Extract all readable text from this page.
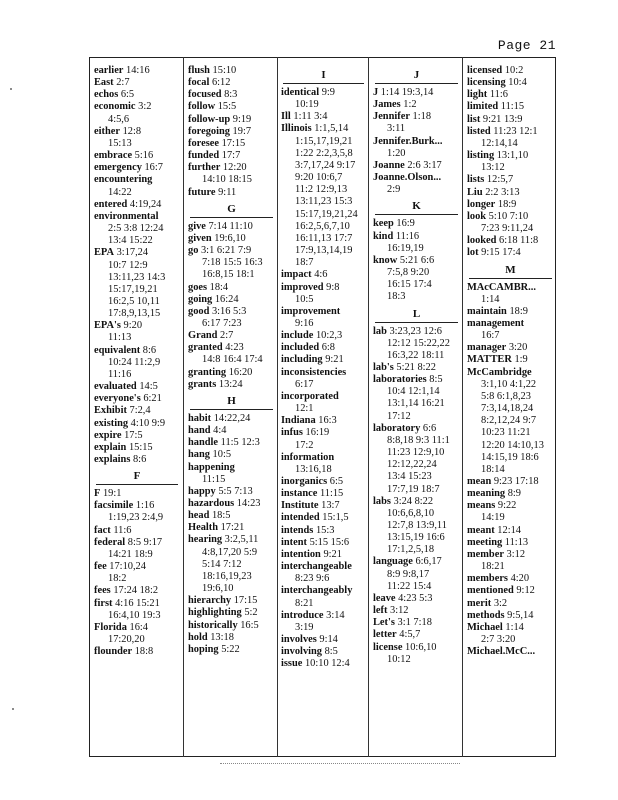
Page 21
earlier 14:16
East 2:7
echos 6:5
economic 3:2
4:5,6
either 12:8
15:13
embrace 5:16
emergency 16:7
encountering
14:22
entered 4:19,24
environmental
2:5 3:8 12:24
13:4 15:22
EPA 3:17,24
10:7 12:9
13:11,23 14:3
15:17,19,21
16:2,5 10,11
17:8,9,13,15
EPA's 9:20
11:13
equivalent 8:6
10:24 11:2,9
11:16
evaluated 14:5
everyone's 6:21
Exhibit 7:2,4
existing 4:10 9:9
expire 17:5
explain 15:15
explains 8:6
F
F 19:1
facsimile 1:16
1:19,23 2:4,9
fact 11:6
federal 8:5 9:17
14:21 18:9
fee 17:10,24
18:2
fees 17:24 18:2
first 4:16 15:21
16:4,10 19:3
Florida 16:4
17:20,20
flounder 18:8
flush 15:10
focal 6:12
focused 8:3
follow 15:5
follow-up 9:19
foregoing 19:7
foresee 17:15
funded 17:7
further 12:20
14:10 18:15
future 9:11
G
give 7:14 11:10
given 19:6,10
go 3:1 6:21 7:9
7:18 15:5 16:3
16:8,15 18:1
goes 18:4
going 16:24
good 3:16 5:3
6:17 7:23
Grand 2:7
granted 4:23
14:8 16:4 17:4
granting 16:20
grants 13:24
H
habit 14:22,24
hand 4:4
handle 11:5 12:3
hang 10:5
happening
11:15
happy 5:5 7:13
hazardous 14:23
head 18:5
Health 17:21
hearing 3:2,5,11
4:8,17,20 5:9
5:14 7:12
18:16,19,23
19:6,10
hierarchy 17:15
highlighting 5:2
historically 16:5
hold 13:18
hoping 5:22
I
identical 9:9
10:19
Ill 1:11 3:4
Illinois 1:1,5,14
1:15,17,19,21
1:22 2:2,3,5,8
3:7,17,24 9:17
9:20 10:6,7
11:2 12:9,13
13:11,23 15:3
15:17,19,21,24
16:2,5,6,7,10
16:11,13 17:7
17:9,13,14,19
18:7
impact 4:6
improved 9:8
10:5
improvement
9:16
include 10:2,3
included 6:8
including 9:21
inconsistencies
6:17
incorporated
12:1
Indiana 16:3
infus 16:19
17:2
information
13:16,18
inorganics 6:5
instance 11:15
Institute 13:7
intended 15:1,5
intends 15:3
intent 5:15 15:6
intention 9:21
interchangeable
8:23 9:6
interchangeably
8:21
introduce 3:14
3:19
involves 9:14
involving 8:5
issue 10:10 12:4
J
J 1:14 19:3,14
James 1:2
Jennifer 1:18
3:11
Jennifer.Burk...
1:20
Joanne 2:6 3:17
Joanne.Olson...
2:9
K
keep 16:9
kind 11:16
16:19,19
know 5:21 6:6
7:5,8 9:20
16:15 17:4
18:3
L
lab 3:23,23 12:6
12:12 15:22,22
16:3,22 18:11
lab's 5:21 8:22
laboratories 8:5
10:4 12:1,14
13:1,14 16:21
17:12
laboratory 6:6
8:8,18 9:3 11:1
11:23 12:9,10
12:12,22,24
13:4 15:23
17:7,19 18:7
labs 3:24 8:22
10:6,6,8,10
12:7,8 13:9,11
13:15,19 16:6
17:1,2,5,18
language 6:6,17
8:9 9:8,17
11:22 15:4
leave 4:23 5:3
left 3:12
Let's 3:1 7:18
letter 4:5,7
license 10:6,10
10:12
licensed 10:2
licensing 10:4
light 11:6
limited 11:15
list 9:21 13:9
listed 11:23 12:1
12:14,14
listing 13:1,10
13:12
lists 12:5,7
Liu 2:2 3:13
longer 18:9
look 5:10 7:10
7:23 9:11,24
looked 6:18 11:8
lot 9:15 17:4
M
MAcCAMBR...
1:14
maintain 18:9
management
16:7
manager 3:20
MATTER 1:9
McCambridge
3:1,10 4:1,22
5:8 6:1,8,23
7:3,14,18,24
8:2,12,24 9:7
10:23 11:21
12:20 14:10,13
14:15,19 18:6
18:14
mean 9:23 17:18
meaning 8:9
means 9:22
14:19
meant 12:14
meeting 11:13
member 3:12
18:21
members 4:20
mentioned 9:12
merit 3:2
methods 9:5,14
Michael 1:14
2:7 3:20
Michael.McC...
